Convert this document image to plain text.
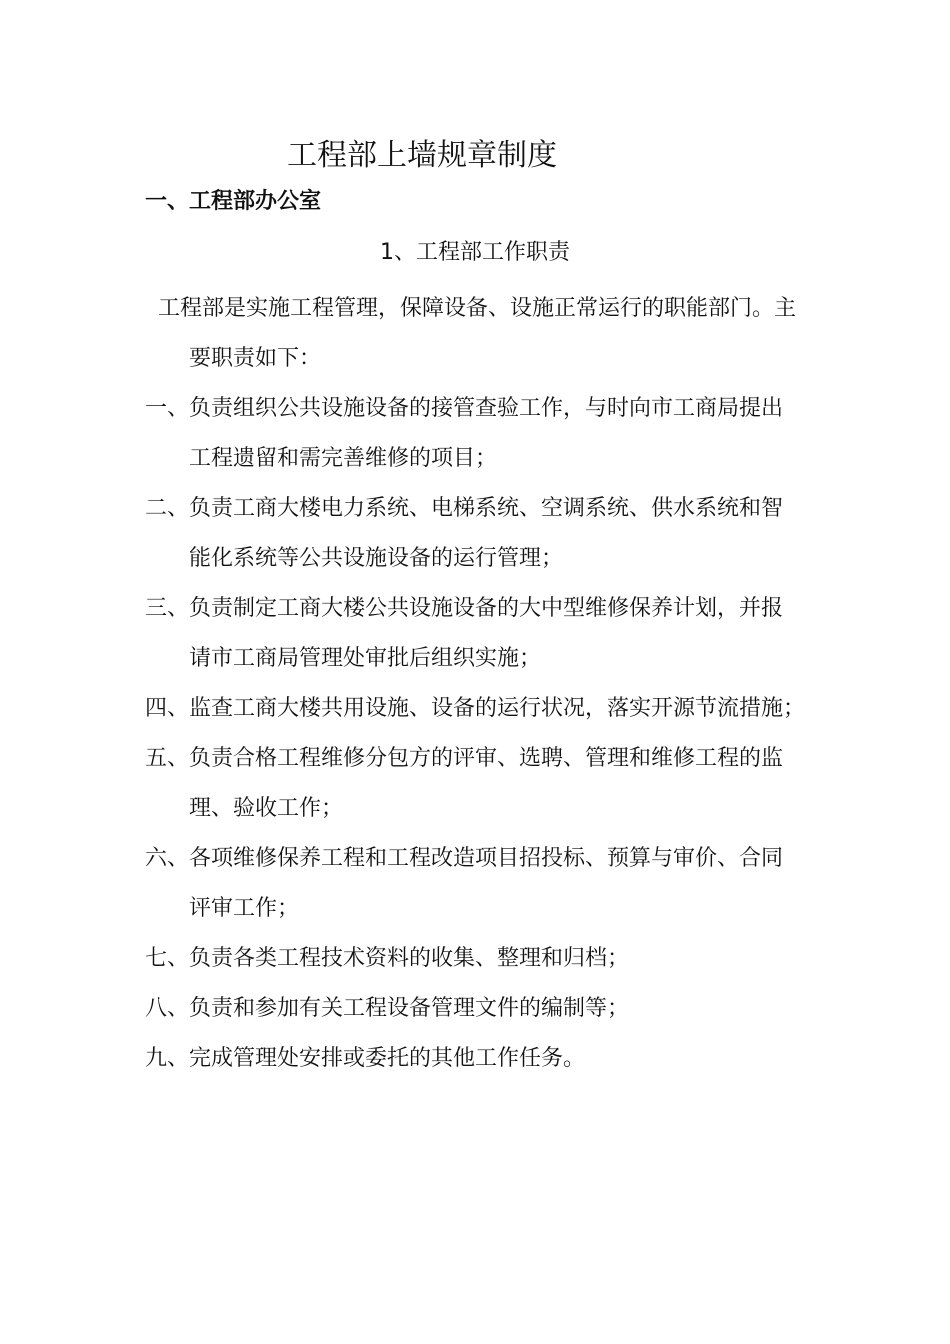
工程部上墙规章制度
一、工程部办公室
1、工程部工作职责
工程部是实施工程管理，保障设备、设施正常运行的职能部门。主
要职责如下：
一、负责组织公共设施设备的接管查验工作，与时向市工商局提出
工程遗留和需完善维修的项目；
二、负责工商大楼电力系统、电梯系统、空调系统、供水系统和智
能化系统等公共设施设备的运行管理；
三、负责制定工商大楼公共设施设备的大中型维修保养计划，并报
请市工商局管理处审批后组织实施；
四、监查工商大楼共用设施、设备的运行状况，落实开源节流措施；
五、负责合格工程维修分包方的评审、选聘、管理和维修工程的监
理、验收工作；
六、各项维修保养工程和工程改造项目招投标、预算与审价、合同
评审工作；
七、负责各类工程技术资料的收集、整理和归档；
八、负责和参加有关工程设备管理文件的编制等；
九、完成管理处安排或委托的其他工作任务。
